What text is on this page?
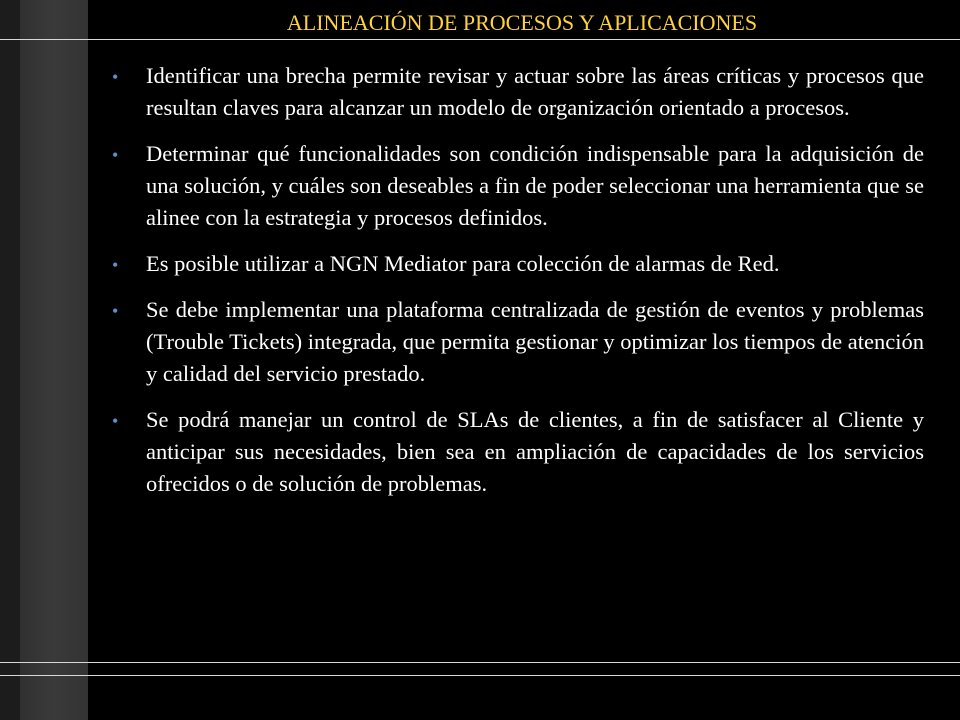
ALINEACIÓN DE PROCESOS Y APLICACIONES
• Identificar una brecha permite revisar y actuar sobre las áreas críticas y procesos que resultan claves para alcanzar un modelo de organización orientado a procesos.
• Determinar qué funcionalidades son condición indispensable para la adquisición de una solución, y cuáles son deseables a fin de poder seleccionar una herramienta que se alinee con la estrategia y procesos definidos.
• Es posible utilizar a NGN Mediator para colección de alarmas de Red.
• Se debe implementar una plataforma centralizada de gestión de eventos y problemas (Trouble Tickets) integrada, que permita gestionar y optimizar los tiempos de atención y calidad del servicio prestado.
• Se podrá manejar un control de SLAs de clientes, a fin de satisfacer al Cliente y anticipar sus necesidades, bien sea en ampliación de capacidades de los servicios ofrecidos o de solución de problemas.
